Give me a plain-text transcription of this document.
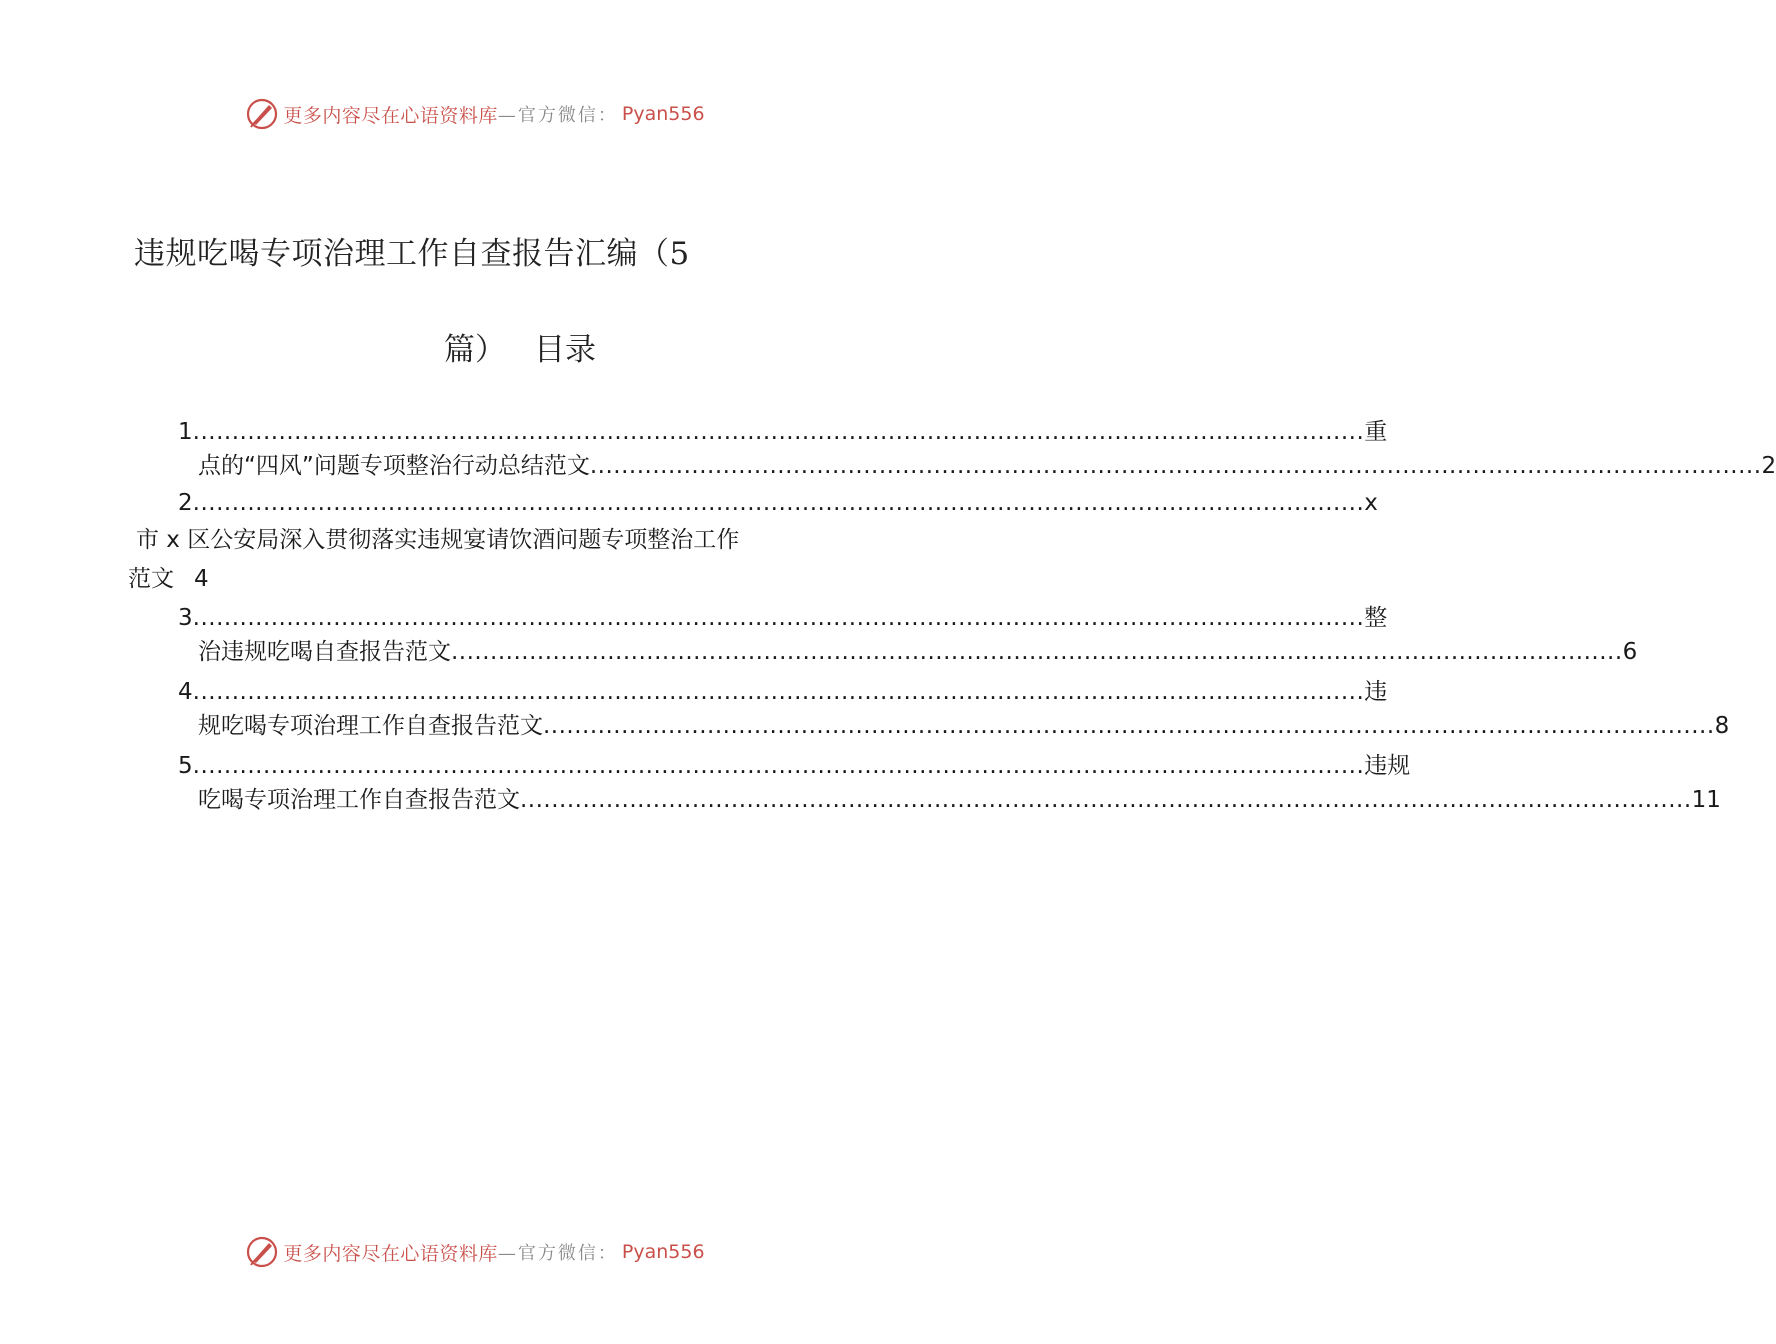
更多内容尽在心语资料库 —官方微信： Pyan556
违规吃喝专项治理工作自查报告汇编（5
篇） 目录
1 ...................................................................................................................................................... 重
点的“四风”问题专项整治行动总结范文 ...................................................................................................................................................... 2
2 ...................................................................................................................................................... x
市 x 区公安局深入贯彻落实违规宴请饮酒问题专项整治工作
范文 4
3 ...................................................................................................................................................... 整
治违规吃喝自查报告范文 ...................................................................................................................................................... 6
4 ...................................................................................................................................................... 违
规吃喝专项治理工作自查报告范文 ...................................................................................................................................................... 8
5 ...................................................................................................................................................... 违规
吃喝专项治理工作自查报告范文 ...................................................................................................................................................... 11
更多内容尽在心语资料库 —官方微信： Pyan556
